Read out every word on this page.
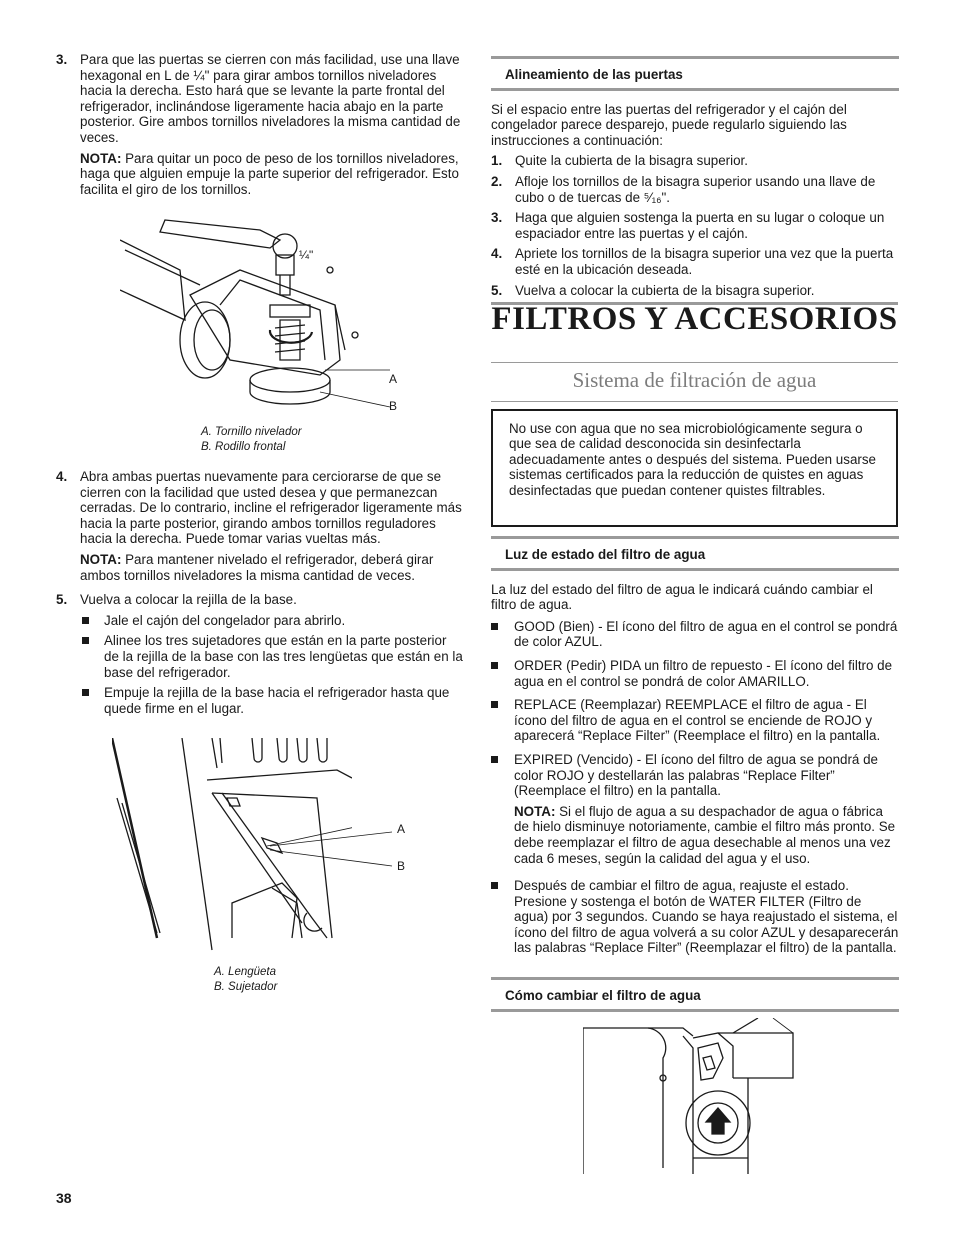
3. Para que las puertas se cierren con más facilidad, use una llave hexagonal en L de ¼" para girar ambos tornillos niveladores hacia la derecha. Esto hará que se levante la parte frontal del refrigerador, inclinándose ligeramente hacia abajo en la parte posterior. Gire ambos tornillos niveladores la misma cantidad de veces.

NOTA: Para quitar un poco de peso de los tornillos niveladores, haga que alguien empuje la parte superior del refrigerador. Esto facilita el giro de los tornillos.

¼"
A
B
A. Tornillo nivelador
B. Rodillo frontal
4. Abra ambas puertas nuevamente para cerciorarse de que se cierren con la facilidad que usted desea y que permanezcan cerradas. De lo contrario, incline el refrigerador ligeramente más hacia la parte posterior, girando ambos tornillos reguladores hacia la derecha. Puede tomar varias vueltas más.

NOTA: Para mantener nivelado el refrigerador, deberá girar ambos tornillos niveladores la misma cantidad de veces.

5. Vuelva a colocar la rejilla de la base.

Jale el cajón del congelador para abrirlo.
Alinee los tres sujetadores que están en la parte posterior de la rejilla de la base con las tres lengüetas que están en la base del refrigerador.
Empuje la rejilla de la base hacia el refrigerador hasta que quede firme en el lugar.
A
B
A. Lengüeta
B. Sujetador
38
Alineamiento de las puertas

Si el espacio entre las puertas del refrigerador y el cajón del congelador parece desparejo, puede regularlo siguiendo las instrucciones a continuación:

1. Quite la cubierta de la bisagra superior.

2. Afloje los tornillos de la bisagra superior usando una llave de cubo o de tuercas de ⁵⁄₁₆".

3. Haga que alguien sostenga la puerta en su lugar o coloque un espaciador entre las puertas y el cajón.

4. Apriete los tornillos de la bisagra superior una vez que la puerta esté en la ubicación deseada.

5. Vuelva a colocar la cubierta de la bisagra superior.

FILTROS Y ACCESORIOS
Sistema de filtración de agua

No use con agua que no sea microbiológicamente segura o que sea de calidad desconocida sin desinfectarla adecuadamente antes o después del sistema. Pueden usarse sistemas certificados para la reducción de quistes en aguas desinfectadas que puedan contener quistes filtrables.

Luz de estado del filtro de agua

La luz del estado del filtro de agua le indicará cuándo cambiar el filtro de agua.

GOOD (Bien) - El ícono del filtro de agua en el control se pondrá de color AZUL.
ORDER (Pedir) PIDA un filtro de repuesto - El ícono del filtro de agua en el control se pondrá de color AMARILLO.
REPLACE (Reemplazar) REEMPLACE el filtro de agua - El ícono del filtro de agua en el control se enciende de ROJO y aparecerá “Replace Filter” (Reemplace el filtro) en la pantalla.
EXPIRED (Vencido) - El ícono del filtro de agua se pondrá de color ROJO y destellarán las palabras “Replace Filter” (Reemplace el filtro) en la pantalla.

NOTA: Si el flujo de agua a su despachador de agua o fábrica de hielo disminuye notoriamente, cambie el filtro más pronto. Se debe reemplazar el filtro de agua desechable al menos una vez cada 6 meses, según la calidad del agua y el uso.

Después de cambiar el filtro de agua, reajuste el estado. Presione y sostenga el botón de WATER FILTER (Filtro de agua) por 3 segundos. Cuando se haya reajustado el sistema, el ícono del filtro de agua volverá a su color AZUL y desaparecerán las palabras “Replace Filter” (Reemplazar el filtro) de la pantalla.
Cómo cambiar el filtro de agua
